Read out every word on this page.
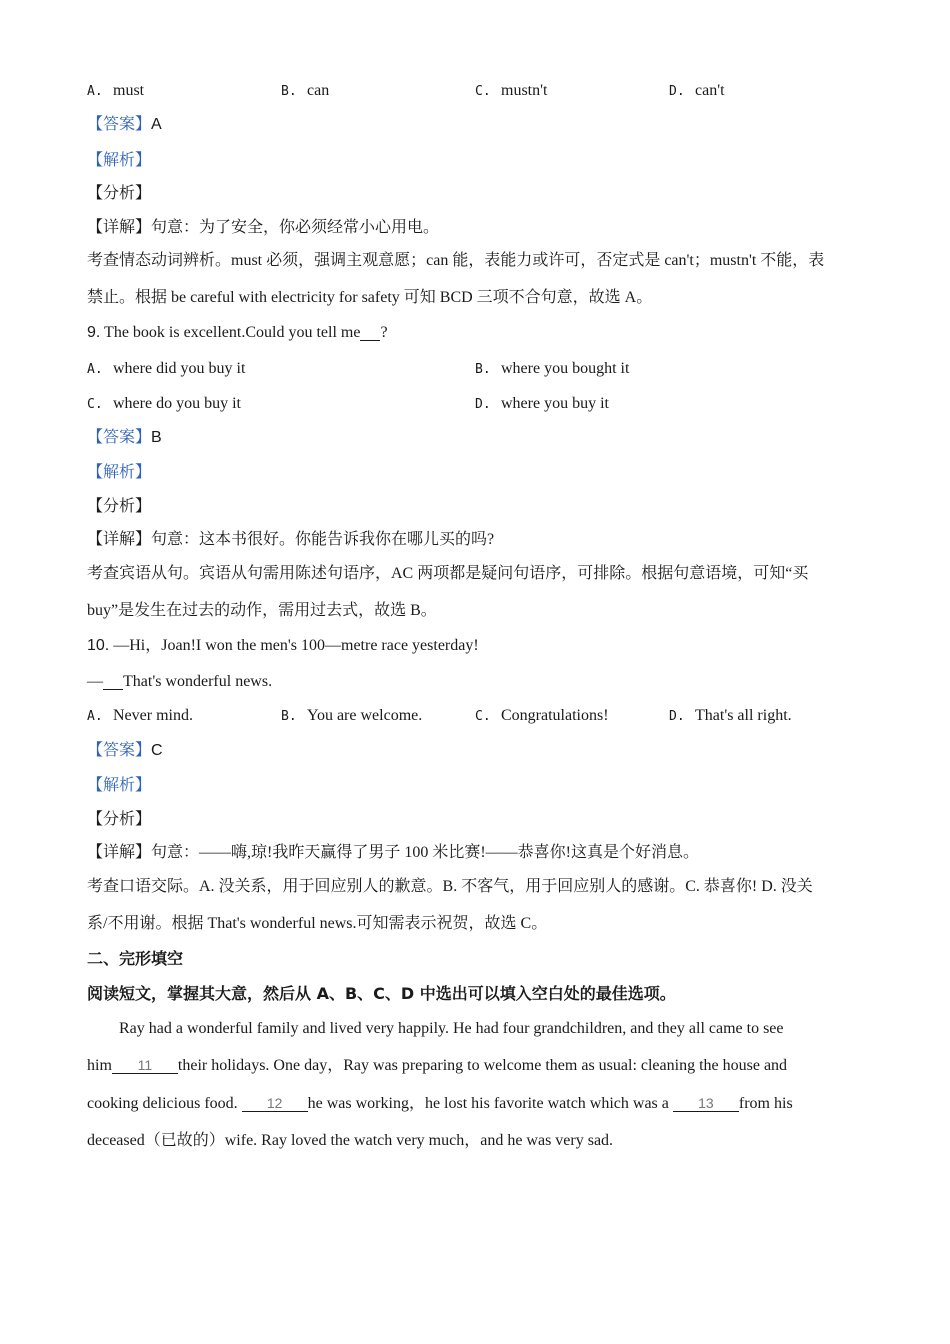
A. must	B. can	C. mustn't	D. can't
【答案】A
【解析】
【分析】
【详解】句意：为了安全，你必须经常小心用电。
考查情态动词辨析。must 必须，强调主观意愿；can 能，表能力或许可，否定式是 can't；mustn't 不能，表
禁止。根据 be careful with electricity for safety 可知 BCD 三项不合句意，故选 A。
9. The book is excellent.Could you tell me ?
A. where did you buy it	B. where you bought it
C. where do you buy it	D. where you buy it
【答案】B
【解析】
【分析】
【详解】句意：这本书很好。你能告诉我你在哪儿买的吗?
考查宾语从句。宾语从句需用陈述句语序，AC 两项都是疑问句语序，可排除。根据句意语境，可知“买
buy”是发生在过去的动作，需用过去式，故选 B。
10. —Hi，Joan!I won the men's 100—metre race yesterday!
— That's wonderful news.
A. Never mind.	B. You are welcome.	C. Congratulations!	D. That's all right.
【答案】C
【解析】
【分析】
【详解】句意：——嗨,琼!我昨天赢得了男子 100 米比赛!——恭喜你!这真是个好消息。
考查口语交际。A. 没关系，用于回应别人的歉意。B. 不客气，用于回应别人的感谢。C. 恭喜你! D. 没关
系/不用谢。根据 That's wonderful news.可知需表示祝贺，故选 C。
二、完形填空
阅读短文，掌握其大意，然后从 A、B、C、D 中选出可以填入空白处的最佳选项。
Ray had a wonderful family and lived very happily. He had four grandchildren, and they all came to see
him 11 their holidays. One day，Ray was preparing to welcome them as usual: cleaning the house and
cooking delicious food. 12 he was working，he lost his favorite watch which was a 13 from his
deceased（已故的）wife. Ray loved the watch very much，and he was very sad.
